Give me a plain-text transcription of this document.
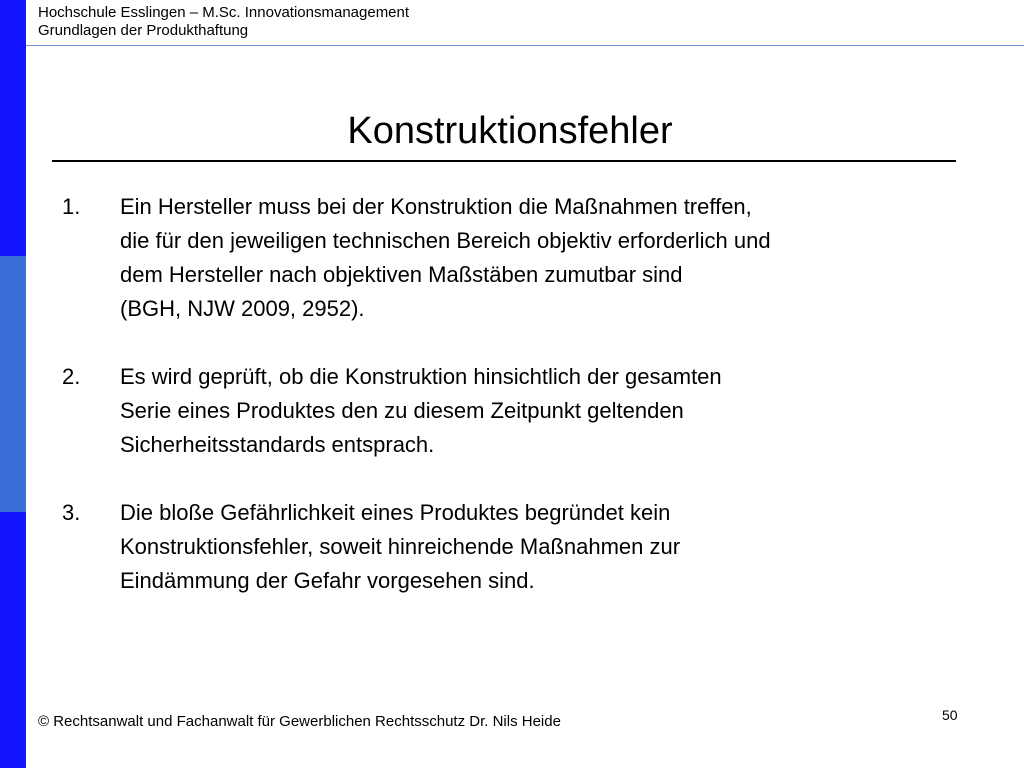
Hochschule Esslingen – M.Sc. Innovationsmanagement
Grundlagen der Produkthaftung
Konstruktionsfehler
1. Ein Hersteller muss bei der Konstruktion die Maßnahmen treffen,
die für den jeweiligen technischen Bereich objektiv erforderlich und
dem Hersteller nach objektiven Maßstäben zumutbar sind
(BGH, NJW 2009, 2952).
2. Es wird geprüft, ob die Konstruktion hinsichtlich der gesamten
Serie eines Produktes den zu diesem Zeitpunkt geltenden
Sicherheitsstandards entsprach.
3. Die bloße Gefährlichkeit eines Produktes begründet kein
Konstruktionsfehler, soweit hinreichende Maßnahmen zur
Eindämmung der Gefahr vorgesehen sind.
© Rechtsanwalt und Fachanwalt für Gewerblichen Rechtsschutz Dr. Nils Heide	50
